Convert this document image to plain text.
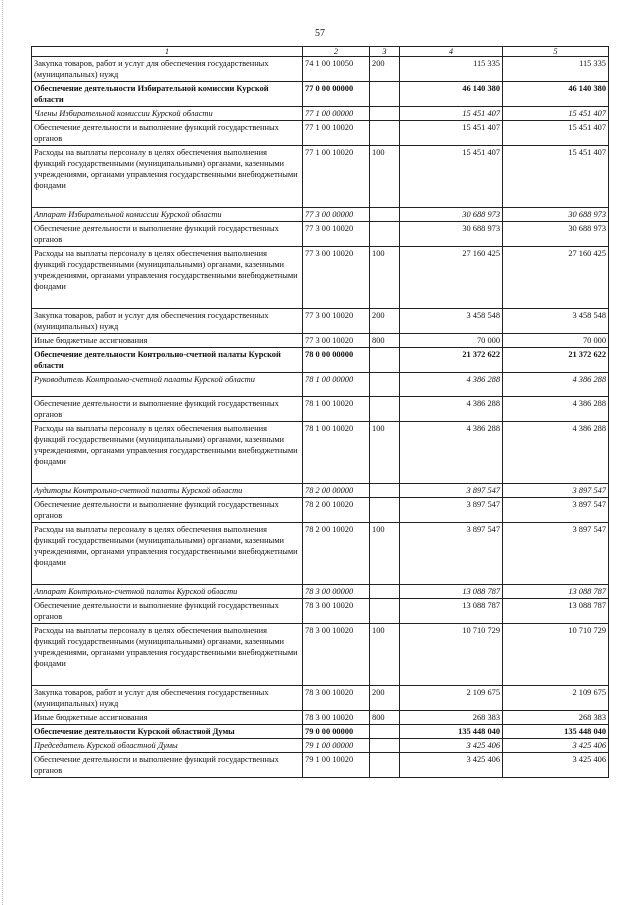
57
1	2	3	4	5
Закупка товаров, работ и услуг для обеспечения государственных (муниципальных) нужд	74 1 00 10050	200	115 335	115 335
Обеспечение деятельности Избирательной комиссии Курской области	77 0 00 00000		46 140 380	46 140 380
Члены Избирательной комиссии Курской области	77 1 00 00000		15 451 407	15 451 407
Обеспечение деятельности и выполнение функций государственных органов	77 1 00 10020		15 451 407	15 451 407
Расходы на выплаты персоналу в целях обеспечения выполнения функций государственными (муниципальными) органами, казенными учреждениями, органами управления государственными внебюджетными фондами	77 1 00 10020	100	15 451 407	15 451 407
Аппарат Избирательной комиссии Курской области	77 3 00 00000		30 688 973	30 688 973
Обеспечение деятельности и выполнение функций государственных органов	77 3 00 10020		30 688 973	30 688 973
Расходы на выплаты персоналу в целях обеспечения выполнения функций государственными (муниципальными) органами, казенными учреждениями, органами управления государственными внебюджетными фондами	77 3 00 10020	100	27 160 425	27 160 425
Закупка товаров, работ и услуг для обеспечения государственных (муниципальных) нужд	77 3 00 10020	200	3 458 548	3 458 548
Иные бюджетные ассигнования	77 3 00 10020	800	70 000	70 000
Обеспечение деятельности Контрольно-счетной палаты Курской области	78 0 00 00000		21 372 622	21 372 622
Руководитель Контрольно-счетной палаты Курской области	78 1 00 00000		4 386 288	4 386 288
Обеспечение деятельности и выполнение функций государственных органов	78 1 00 10020		4 386 288	4 386 288
Расходы на выплаты персоналу в целях обеспечения выполнения функций государственными (муниципальными) органами, казенными учреждениями, органами управления государственными внебюджетными фондами	78 1 00 10020	100	4 386 288	4 386 288
Аудиторы Контрольно-счетной палаты Курской области	78 2 00 00000		3 897 547	3 897 547
Обеспечение деятельности и выполнение функций государственных органов	78 2 00 10020		3 897 547	3 897 547
Расходы на выплаты персоналу в целях обеспечения выполнения функций государственными (муниципальными) органами, казенными учреждениями, органами управления государственными внебюджетными фондами	78 2 00 10020	100	3 897 547	3 897 547
Аппарат Контрольно-счетной палаты Курской области	78 3 00 00000		13 088 787	13 088 787
Обеспечение деятельности и выполнение функций государственных органов	78 3 00 10020		13 088 787	13 088 787
Расходы на выплаты персоналу в целях обеспечения выполнения функций государственными (муниципальными) органами, казенными учреждениями, органами управления государственными внебюджетными фондами	78 3 00 10020	100	10 710 729	10 710 729
Закупка товаров, работ и услуг для обеспечения государственных (муниципальных) нужд	78 3 00 10020	200	2 109 675	2 109 675
Иные бюджетные ассигнования	78 3 00 10020	800	268 383	268 383
Обеспечение деятельности Курской областной Думы	79 0 00 00000		135 448 040	135 448 040
Председатель Курской областной Думы	79 1 00 00000		3 425 406	3 425 406
Обеспечение деятельности и выполнение функций государственных органов	79 1 00 10020		3 425 406	3 425 406
